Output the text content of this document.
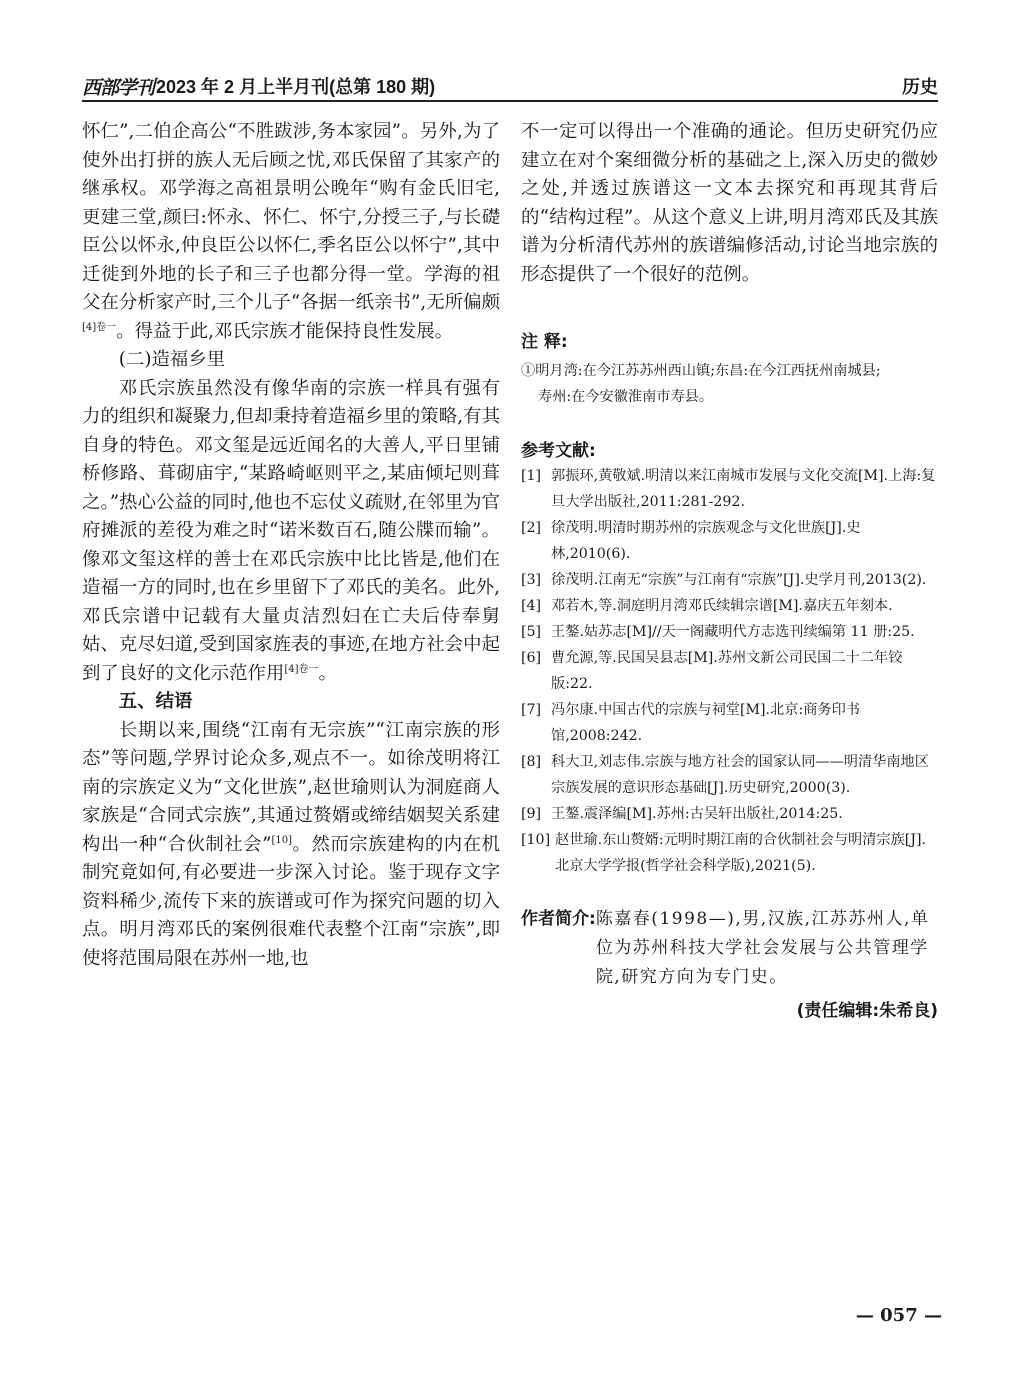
西部学刊 2023 年 2 月上半月刊(总第 180 期)	历史

怀仁”,二伯企高公“不胜跋涉,务本家园”。另外,为了使外出打拼的族人无后顾之忧,邓氏保留了其家产的继承权。邓学海之高祖景明公晚年“购有金氏旧宅,更建三堂,颜曰:怀永、怀仁、怀宁,分授三子,与长礎臣公以怀永,仲良臣公以怀仁,季名臣公以怀宁”,其中迁徙到外地的长子和三子也都分得一堂。学海的祖父在分析家产时,三个儿子“各据一纸亲书”,无所偏颇$^{[4]卷一}$。得益于此,邓氏宗族才能保持良性发展。

(二)造福乡里

邓氏宗族虽然没有像华南的宗族一样具有强有力的组织和凝聚力,但却秉持着造福乡里的策略,有其自身的特色。邓文玺是远近闻名的大善人,平日里铺桥修路、葺砌庙宇,“某路崎岖则平之,某庙倾圮则葺之。”热心公益的同时,他也不忘仗义疏财,在邻里为官府摊派的差役为难之时“诺米数百石,随公牒而输”。像邓文玺这样的善士在邓氏宗族中比比皆是,他们在造福一方的同时,也在乡里留下了邓氏的美名。此外,邓氏宗谱中记载有大量贞洁烈妇在亡夫后侍奉舅姑、克尽妇道,受到国家旌表的事迹,在地方社会中起到了良好的文化示范作用$^{[4]卷一}$。

五、结语

长期以来,围绕“江南有无宗族”“江南宗族的形态”等问题,学界讨论众多,观点不一。如徐茂明将江南的宗族定义为“文化世族”,赵世瑜则认为洞庭商人家族是“合同式宗族”,其通过赘婿或缔结姻契关系建构出一种“合伙制社会”[10]。然而宗族建构的内在机制究竟如何,有必要进一步深入讨论。鉴于现存文字资料稀少,流传下来的族谱或可作为探究问题的切入点。明月湾邓氏的案例很难代表整个江南“宗族”,即使将范围局限在苏州一地,也

不一定可以得出一个准确的通论。但历史研究仍应建立在对个案细微分析的基础之上,深入历史的微妙之处,并透过族谱这一文本去探究和再现其背后的“结构过程”。从这个意义上讲,明月湾邓氏及其族谱为分析清代苏州的族谱编修活动,讨论当地宗族的形态提供了一个很好的范例。

注 释:

①明月湾:在今江苏苏州西山镇;东昌:在今江西抚州南城县;

寿州:在今安徽淮南市寿县。

参考文献:
[1] 郭振环,黄敬斌.明清以来江南城市发展与文化交流[M].上海:复旦大学出版社,2011:281-292.
[2] 徐茂明.明清时期苏州的宗族观念与文化世族[J].史林,2010(6).
[3] 徐茂明.江南无“宗族”与江南有“宗族”[J].史学月刊,2013(2).
[4] 邓若木,等.洞庭明月湾邓氏续辑宗谱[M].嘉庆五年刻本.
[5] 王鏊.姑苏志[M]//天一阁藏明代方志选刊续编第 11 册:25.
[6] 曹允源,等.民国吴县志[M].苏州文新公司民国二十二年铰版:22.
[7] 冯尔康.中国古代的宗族与祠堂[M].北京:商务印书馆,2008:242.
[8] 科大卫,刘志伟.宗族与地方社会的国家认同——明清华南地区宗族发展的意识形态基础[J].历史研究,2000(3).
[9] 王鏊.震泽编[M].苏州:古吴轩出版社,2014:25.
[10] 赵世瑜.东山赘婿:元明时期江南的合伙制社会与明清宗族[J].北京大学学报(哲学社会科学版),2021(5).
作者简介: 陈嘉春(1998—),男,汉族,江苏苏州人,单位为苏州科技大学社会发展与公共管理学院,研究方向为专门史。
(责任编辑:朱希良)
— 057 —
